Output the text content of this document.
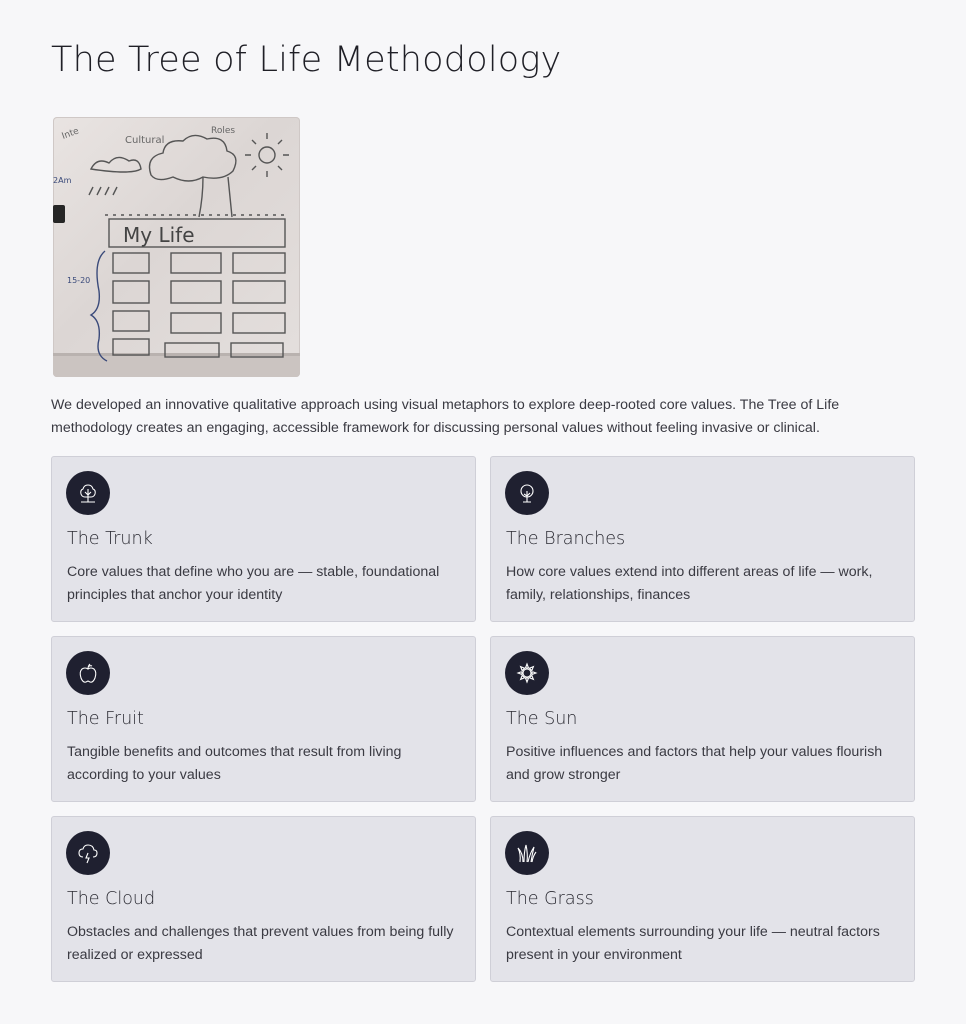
The Tree of Life Methodology
My Life
Inte	Cultural
Roles
15-20
2Am

We developed an innovative qualitative approach using visual metaphors to explore deep-rooted core values. The Tree of Life methodology creates an engaging, accessible framework for discussing personal values without feeling invasive or clinical.

The Trunk
Core values that define who you are — stable, foundational principles that anchor your identity
The Branches
How core values extend into different areas of life — work, family, relationships, finances
The Fruit
Tangible benefits and outcomes that result from living according to your values
The Sun
Positive influences and factors that help your values flourish and grow stronger
The Cloud
Obstacles and challenges that prevent values from being fully realized or expressed
The Grass
Contextual elements surrounding your life — neutral factors present in your environment
